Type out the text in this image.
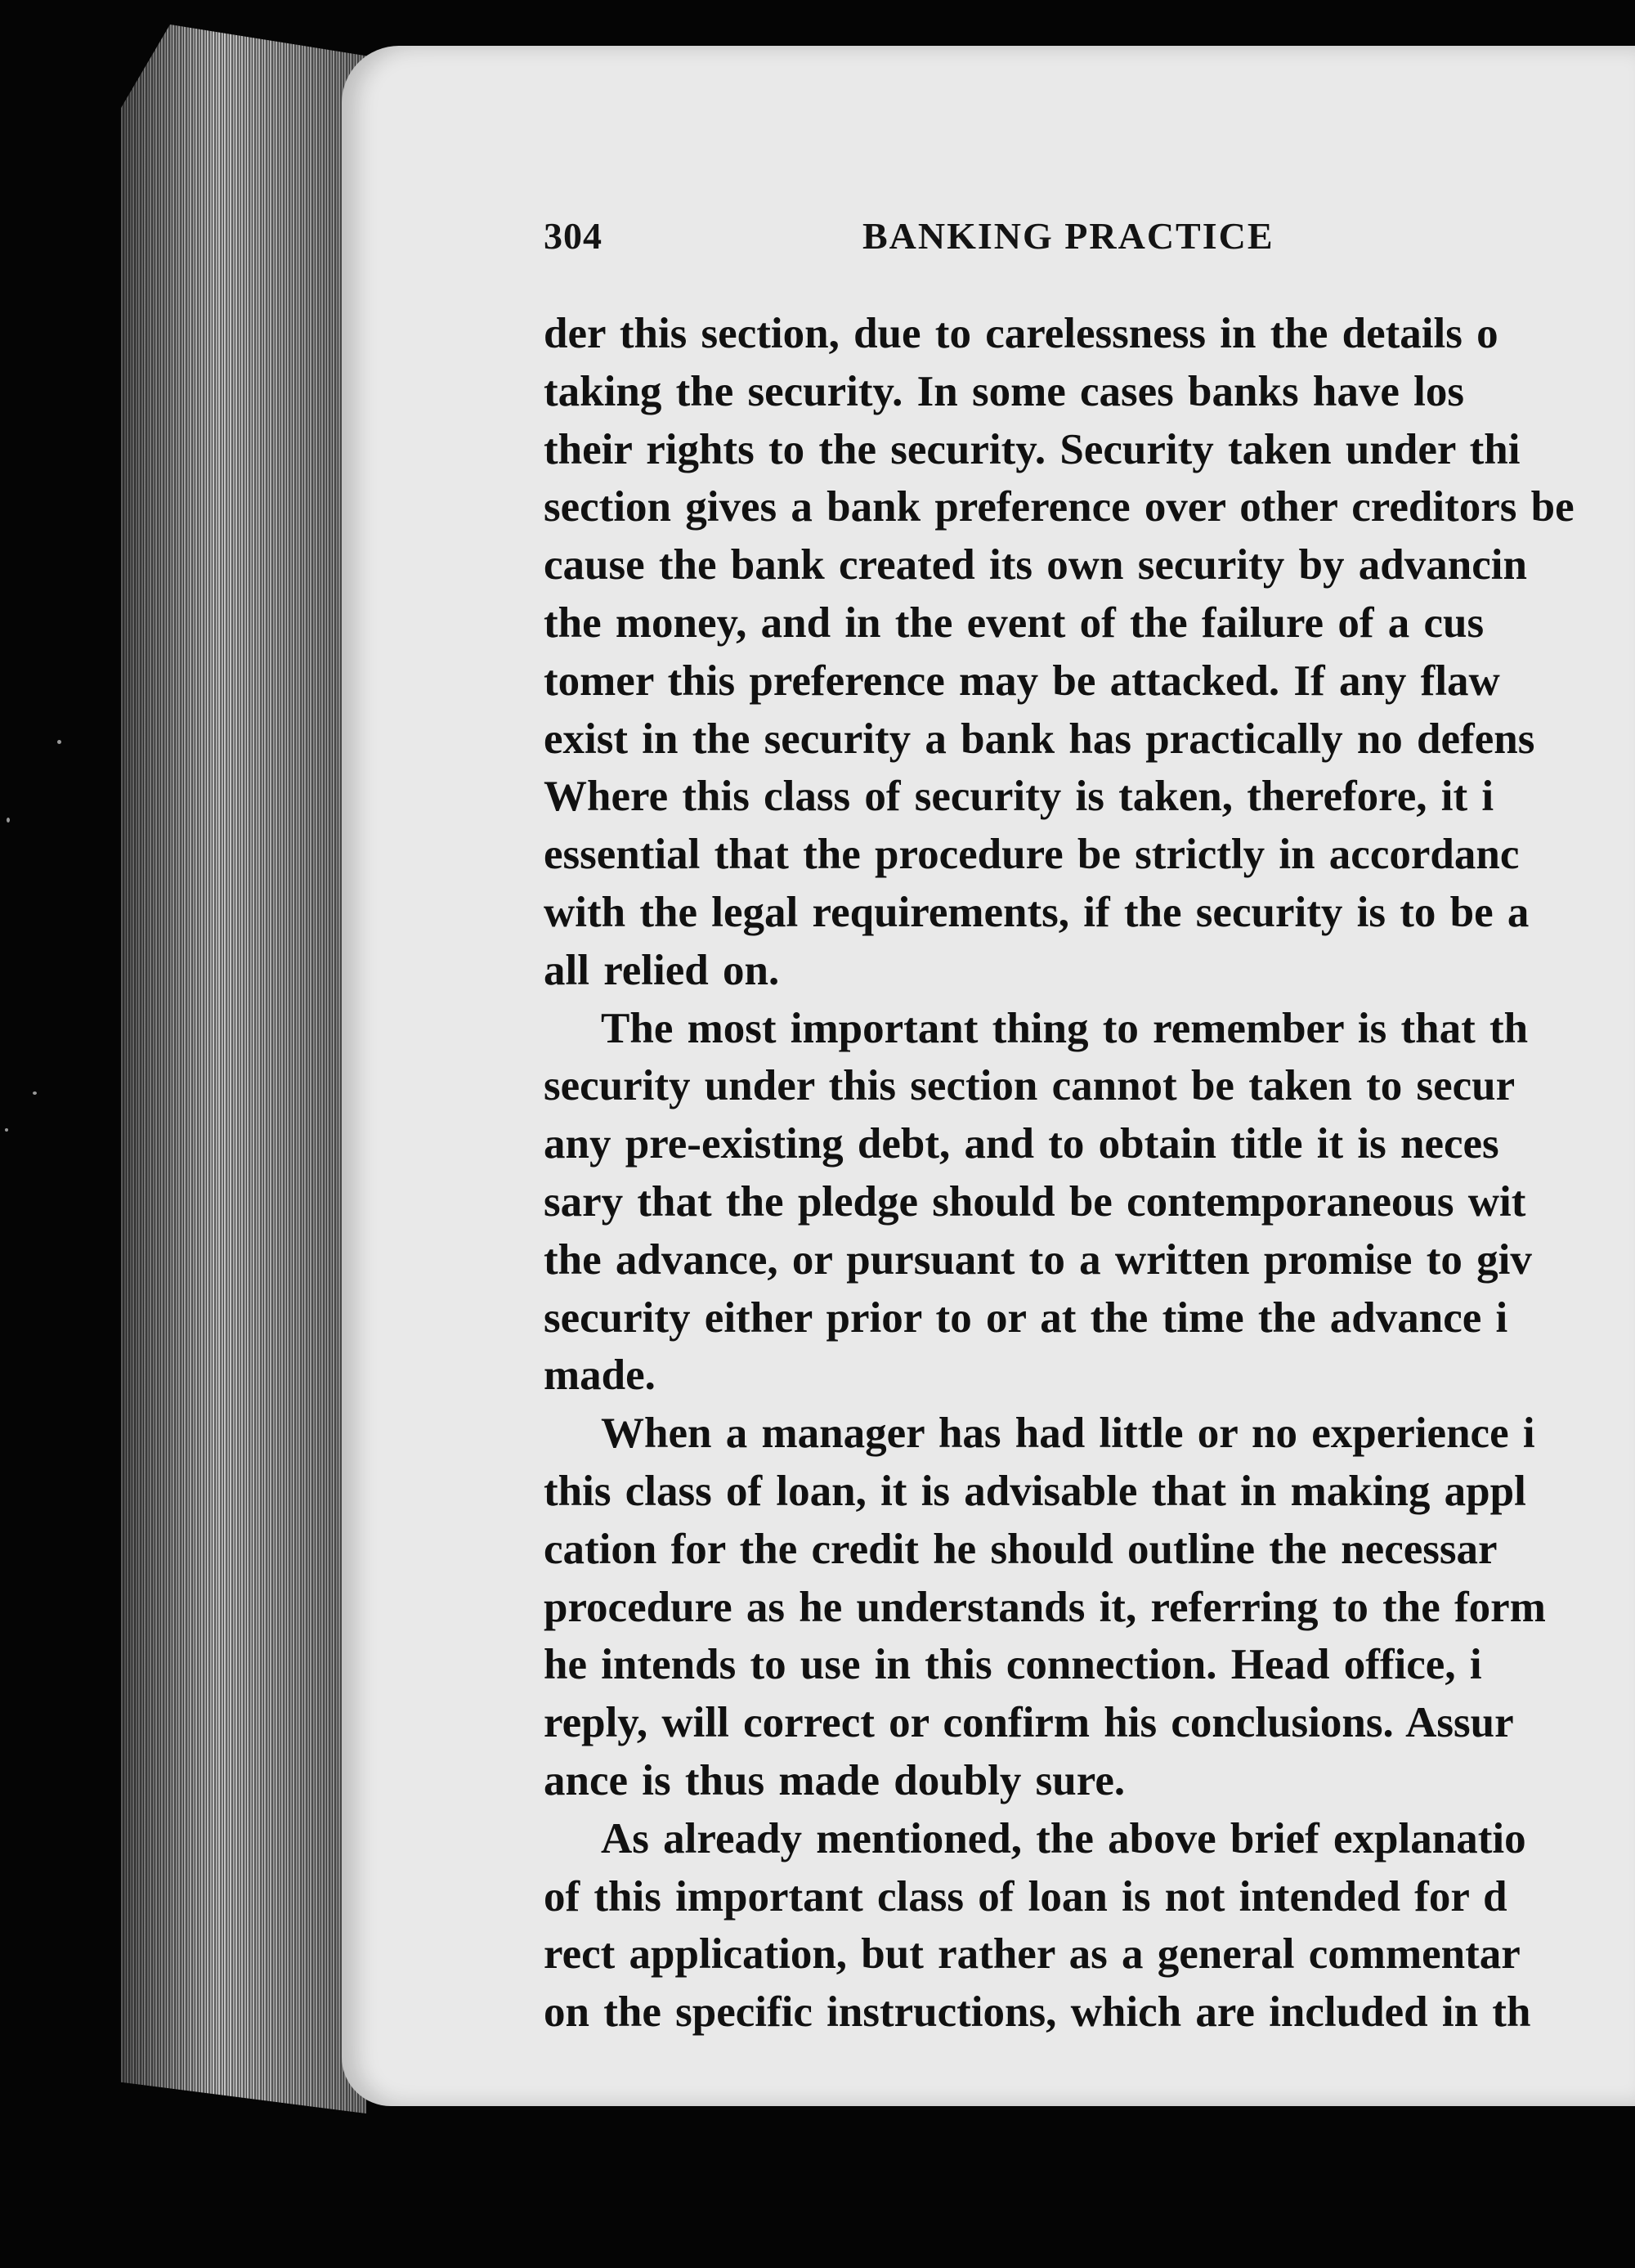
304	BANKING PRACTICE
der this section, due to carelessness in the details o
taking the security. In some cases banks have los
their rights to the security. Security taken under thi
section gives a bank preference over other creditors be
cause the bank created its own security by advancin
the money, and in the event of the failure of a cus
tomer this preference may be attacked. If any flaw
exist in the security a bank has practically no defens
Where this class of security is taken, therefore, it i
essential that the procedure be strictly in accordanc
with the legal requirements, if the security is to be a
all relied on.
The most important thing to remember is that th
security under this section cannot be taken to secur
any pre-existing debt, and to obtain title it is neces
sary that the pledge should be contemporaneous wit
the advance, or pursuant to a written promise to giv
security either prior to or at the time the advance i
made.
When a manager has had little or no experience i
this class of loan, it is advisable that in making appl
cation for the credit he should outline the necessar
procedure as he understands it, referring to the form
he intends to use in this connection. Head office, i
reply, will correct or confirm his conclusions. Assur
ance is thus made doubly sure.
As already mentioned, the above brief explanatio
of this important class of loan is not intended for d
rect application, but rather as a general commentar
on the specific instructions, which are included in th
